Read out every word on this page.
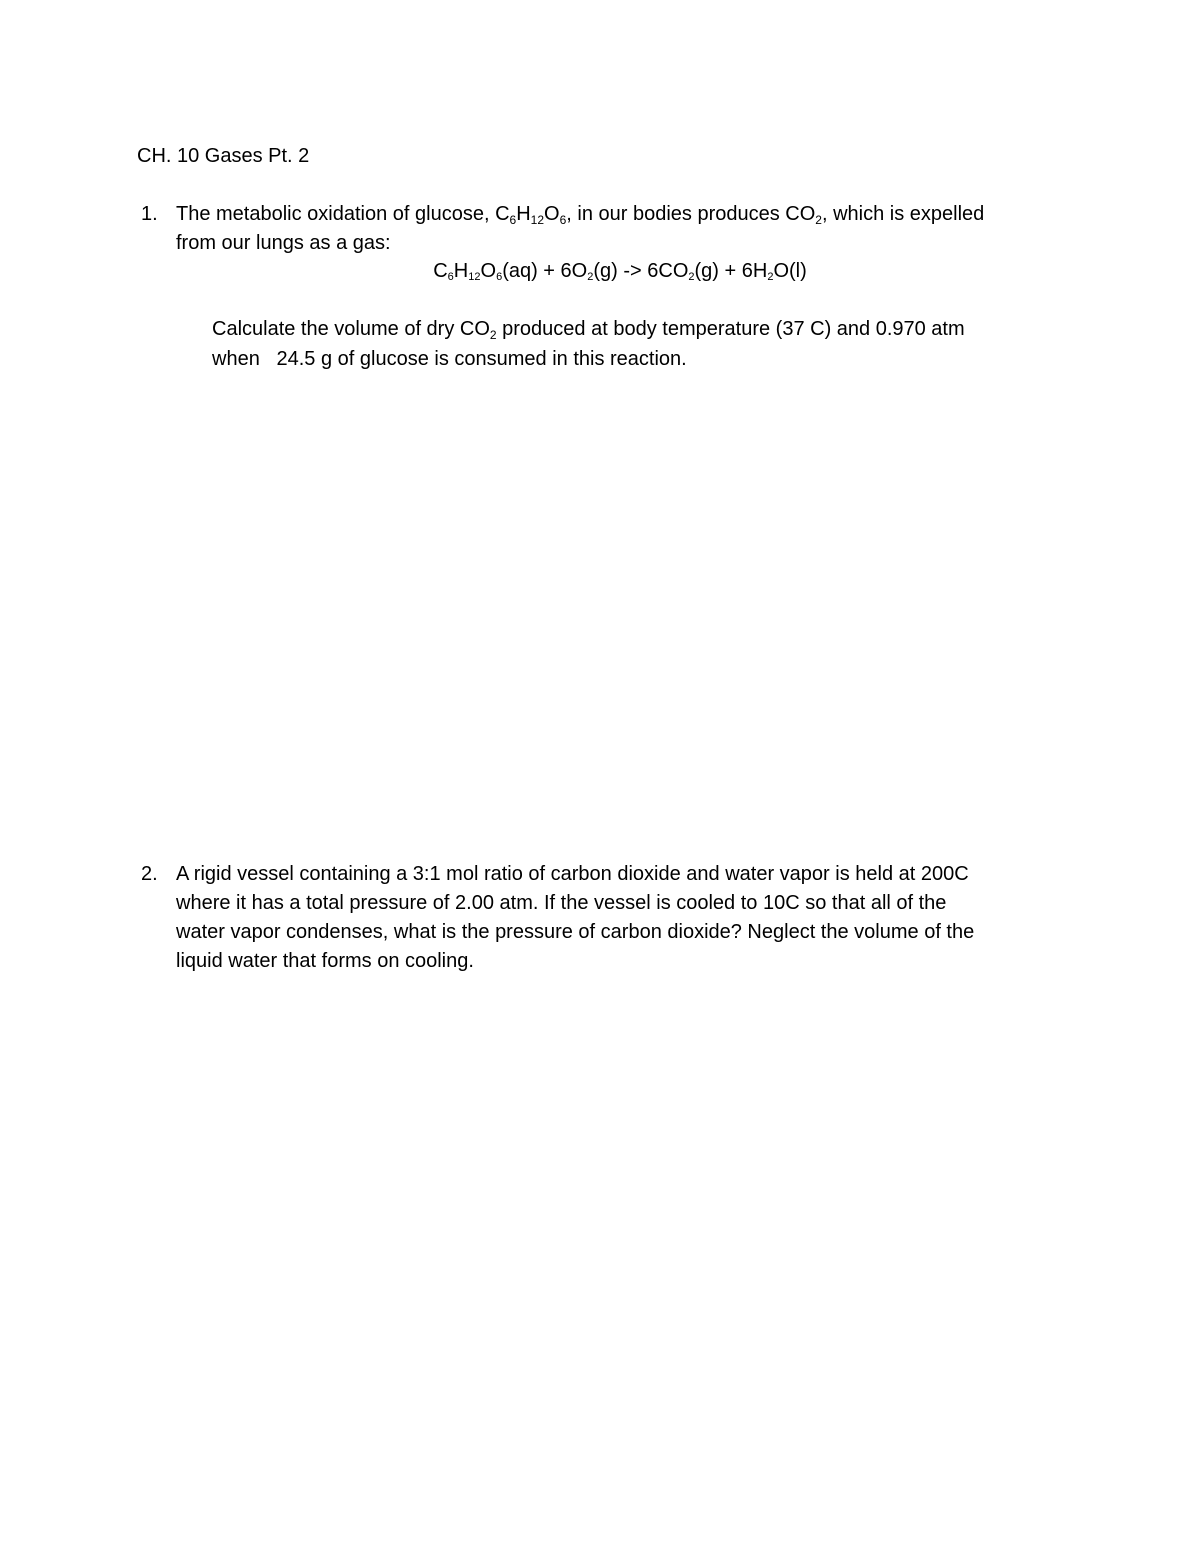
CH. 10 Gases Pt. 2
1. The metabolic oxidation of glucose, $C_6H_{12}O_6$, in our bodies produces $CO_2$, which is expelled
from our lungs as a gas:
C6H12O6(aq) + 6O2(g) -> 6CO2(g) + 6H2O(l)
Calculate the volume of dry $CO_2$ produced at body temperature (37 C) and 0.970 atm
when   24.5 g of glucose is consumed in this reaction.
2. A rigid vessel containing a 3:1 mol ratio of carbon dioxide and water vapor is held at 200C
where it has a total pressure of 2.00 atm. If the vessel is cooled to 10C so that all of the
water vapor condenses, what is the pressure of carbon dioxide? Neglect the volume of the
liquid water that forms on cooling.
